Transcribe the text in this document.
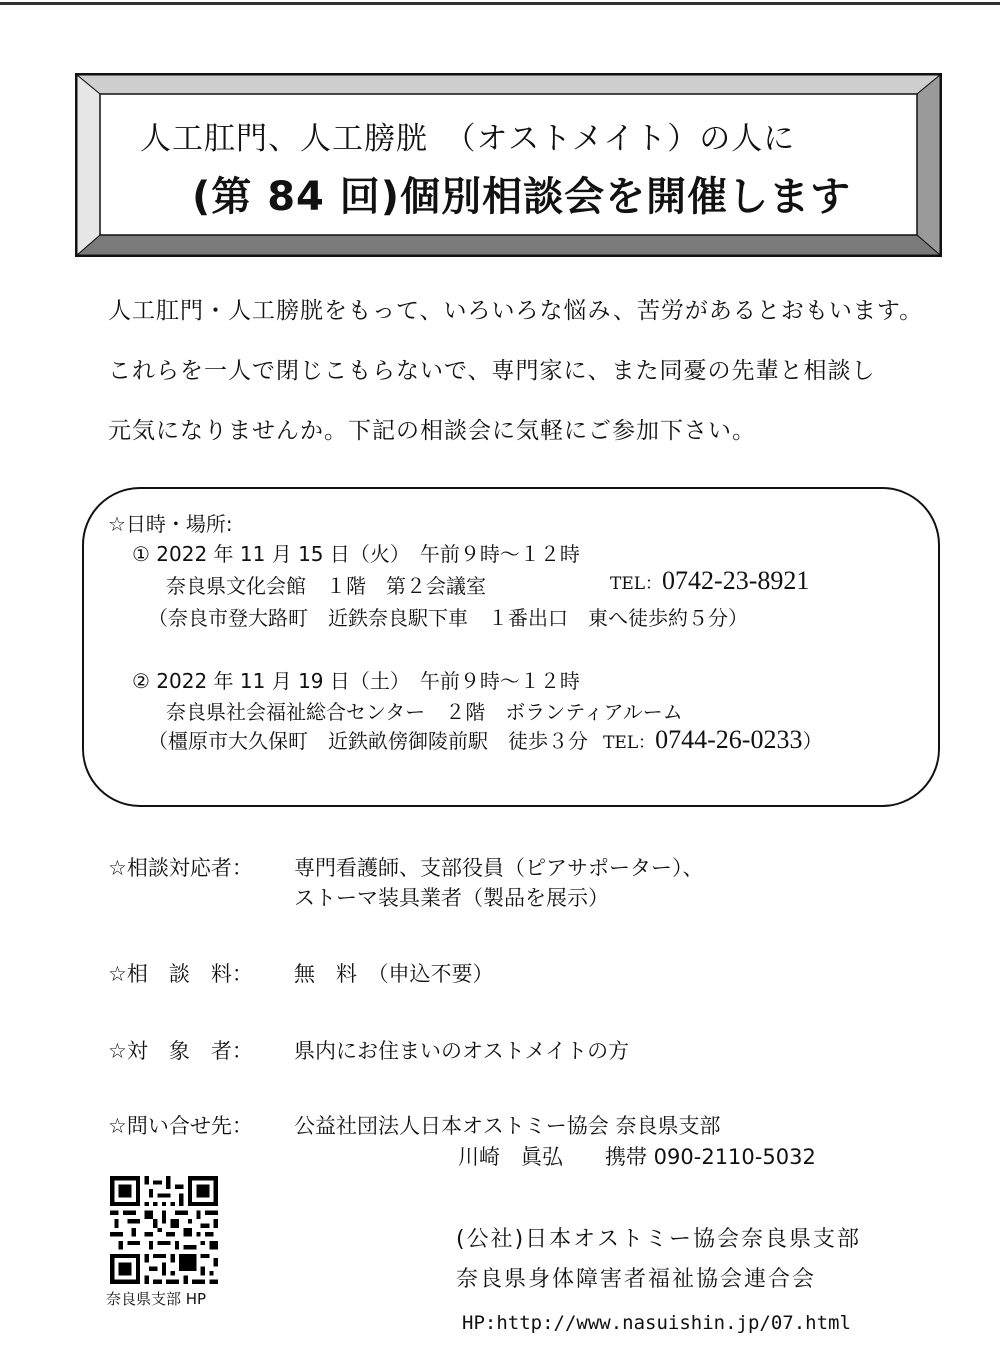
人工肛門、人工膀胱　（オストメイト）の人に
(第 84 回)個別相談会を開催します
人工肛門・人工膀胱をもって、いろいろな悩み、苦労があるとおもいます。
これらを一人で閉じこもらないで、専門家に、また同憂の先輩と相談し
元気になりませんか。下記の相談会に気軽にご参加下さい。
☆日時・場所:
① 2022 年 11 月 15 日（火）　午前９時～１２時
奈良県文化会館　１階　第２会議室	TEL：0742-23-8921
（奈良市登大路町　近鉄奈良駅下車　１番出口　東へ徒歩約５分）
② 2022 年 11 月 19 日（土）　午前９時～１２時
奈良県社会福祉総合センター　２階　ボランティアルーム
（橿原市大久保町　近鉄畝傍御陵前駅　徒歩３分 TEL：0744-26-0233）
☆相談対応者： 専門看護師、支部役員（ピアサポーター）、
ストーマ装具業者（製品を展示）
☆相　談　料： 無　料　（申込不要）
☆対　象　者： 県内にお住まいのオストメイトの方
☆問い合せ先： 公益社団法人日本オストミー協会 奈良県支部
川崎　眞弘　　携帯 090-2110-5032
奈良県支部 HP
(公社)日本オストミー協会奈良県支部
奈良県身体障害者福祉協会連合会
HP:http://www.nasuishin.jp/07.html
